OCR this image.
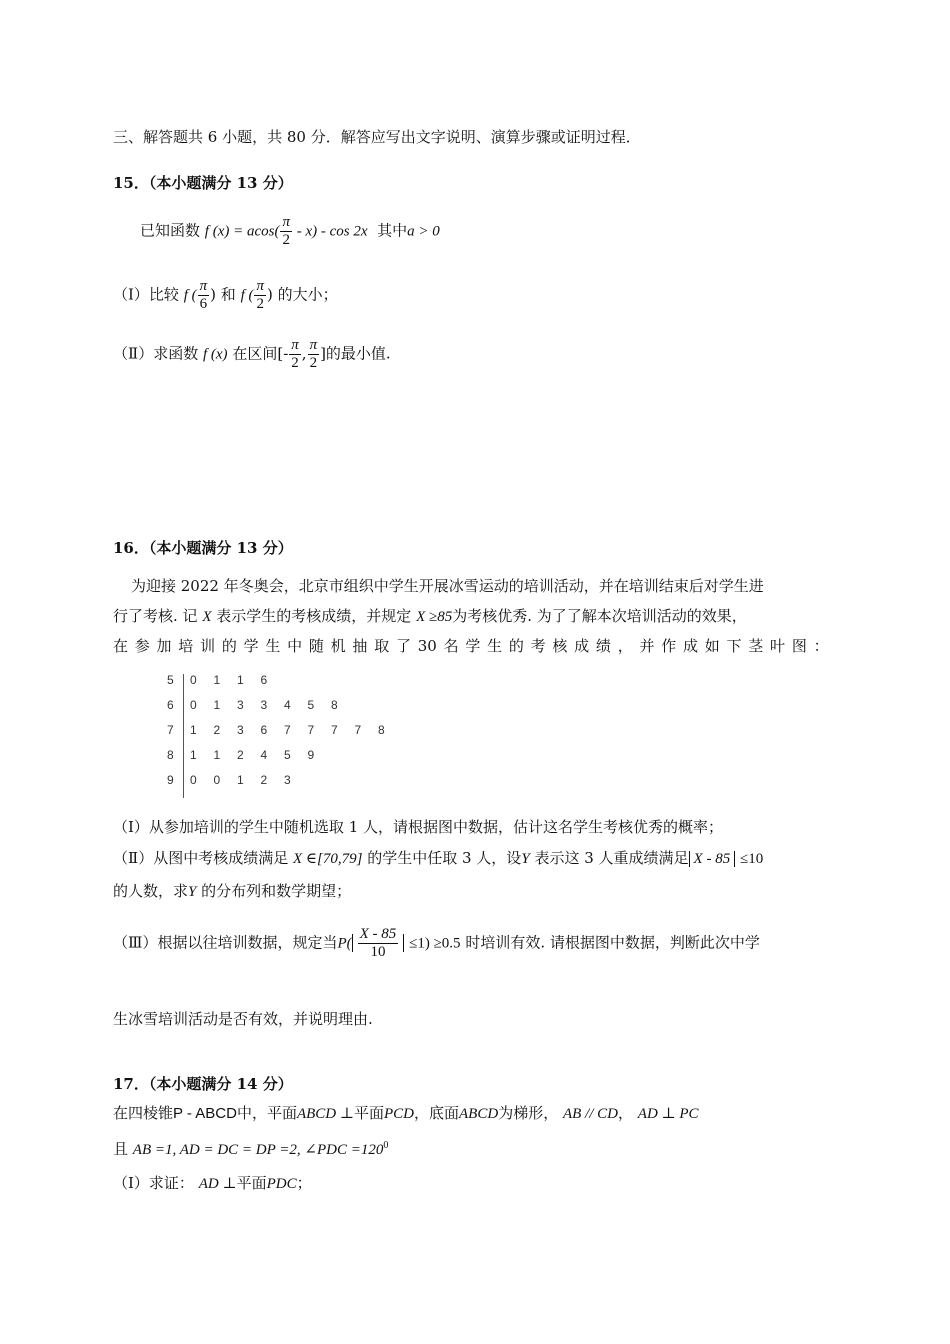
三、解答题共 6 小题，共 80 分．解答应写出文字说明、演算步骤或证明过程．
15．（本小题满分 13 分）
已知函数 f $(x) = acos( \frac{\pi}{2} - x) - \cos 2x$ 其中a > 0
（Ⅰ）比较 f ( $\frac{\pi}{6}$ ) 和 f ( $\frac{\pi}{2}$ ) 的大小；
（Ⅱ）求函数 f (x) 在区间[- $\frac{\pi}{2}$ , $\frac{\pi}{2}$ ]的最小值.
16．（本小题满分 13 分）
为迎接 2022 年冬奥会，北京市组织中学生开展冰雪运动的培训活动，并在培训结束后对学生进
行了考核. 记 X 表示学生的考核成绩，并规定 X ≥85为考核优秀. 为了了解本次培训活动的效果，
在 参 加 培 训 的 学 生 中 随 机 抽 取 了 30 名 学 生 的 考 核 成 绩 ， 并 作 成 如 下 茎 叶 图 ：
5 0 1 1 6
6 0 1 3 3 4 5 8
7 1 2 3 6 7 7 7 7 8
8 1 1 2 4 5 9
9 0 0 1 2 3
（Ⅰ）从参加培训的学生中随机选取 1 人，请根据图中数据，估计这名学生考核优秀的概率；
（Ⅱ）从图中考核成绩满足 X ∈[70,79] 的学生中任取 3 人，设Y 表示这 3 人重成绩满足 X - 85 ≤10
的人数，求Y 的分布列和数学期望；
（Ⅲ）根据以往培训数据，规定当$P( \frac{X - 85}{10} \le 1) \ge 0.5$ 时培训有效. 请根据图中数据，判断此次中学
生冰雪培训活动是否有效，并说明理由.
17．（本小题满分 14 分）
在四棱锥P - ABCD中，平面ABCD ⊥平面PCD，底面ABCD为梯形， AB // CD， AD ⊥ PC
且 AB =1, AD = DC = DP =2, ∠PDC $=120^0$
（Ⅰ）求证： AD ⊥平面PDC；
